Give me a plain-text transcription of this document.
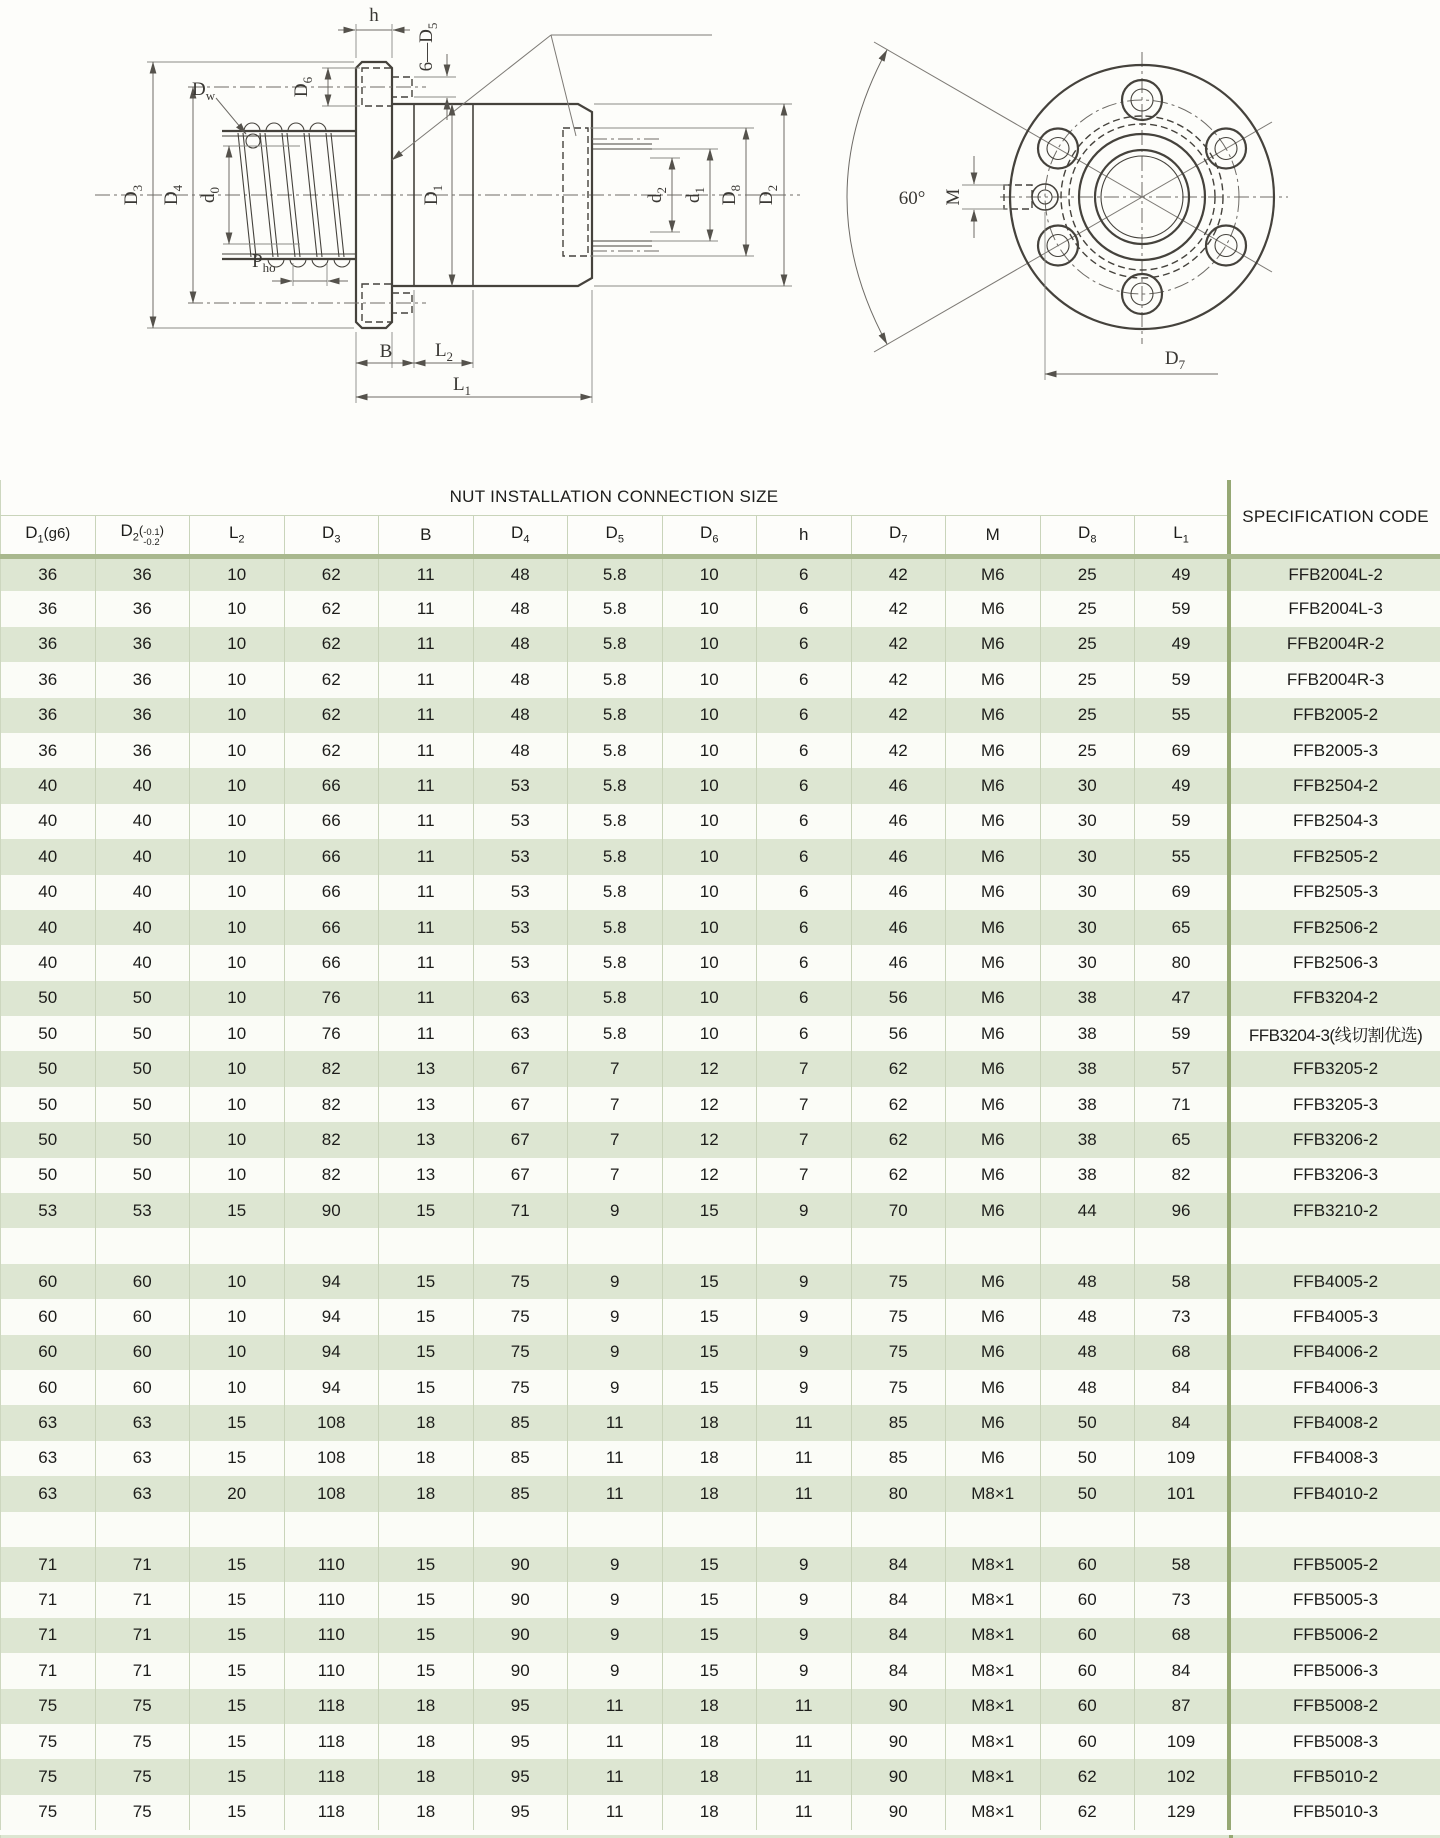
$D_3$
$D_4$
$d_0$
$D_w$
$P_{ho}$
h
$6—D_5$
$D_6$
$D_1$
$d_2$
$d_1$
$D_8$
$D_2$
B $L_2$
$L_1$
M
60°
$D_7$
NUT INSTALLATION CONNECTION SIZE													SPECIFICATION CODE
$D_1(g6)$	$D_2$( -0.1
-0.2
)	$L_2$	$D_3$	B	$D_4$	$D_5$	$D_6$	h	$D_7$	M	$D_8$	$L_1$
36	36	10	62	11	48	5.8	10	6	42	M6	25	49	FFB2004L-2
36	36	10	62	11	48	5.8	10	6	42	M6	25	59	FFB2004L-3
36	36	10	62	11	48	5.8	10	6	42	M6	25	49	FFB2004R-2
36	36	10	62	11	48	5.8	10	6	42	M6	25	59	FFB2004R-3
36	36	10	62	11	48	5.8	10	6	42	M6	25	55	FFB2005-2
36	36	10	62	11	48	5.8	10	6	42	M6	25	69	FFB2005-3
40	40	10	66	11	53	5.8	10	6	46	M6	30	49	FFB2504-2
40	40	10	66	11	53	5.8	10	6	46	M6	30	59	FFB2504-3
40	40	10	66	11	53	5.8	10	6	46	M6	30	55	FFB2505-2
40	40	10	66	11	53	5.8	10	6	46	M6	30	69	FFB2505-3
40	40	10	66	11	53	5.8	10	6	46	M6	30	65	FFB2506-2
40	40	10	66	11	53	5.8	10	6	46	M6	30	80	FFB2506-3
50	50	10	76	11	63	5.8	10	6	56	M6	38	47	FFB3204-2
50	50	10	76	11	63	5.8	10	6	56	M6	38	59	FFB3204-3(线切割优选)
50	50	10	82	13	67	7	12	7	62	M6	38	57	FFB3205-2
50	50	10	82	13	67	7	12	7	62	M6	38	71	FFB3205-3
50	50	10	82	13	67	7	12	7	62	M6	38	65	FFB3206-2
50	50	10	82	13	67	7	12	7	62	M6	38	82	FFB3206-3
53	53	15	90	15	71	9	15	9	70	M6	44	96	FFB3210-2

60	60	10	94	15	75	9	15	9	75	M6	48	58	FFB4005-2
60	60	10	94	15	75	9	15	9	75	M6	48	73	FFB4005-3
60	60	10	94	15	75	9	15	9	75	M6	48	68	FFB4006-2
60	60	10	94	15	75	9	15	9	75	M6	48	84	FFB4006-3
63	63	15	108	18	85	11	18	11	85	M6	50	84	FFB4008-2
63	63	15	108	18	85	11	18	11	85	M6	50	109	FFB4008-3
63	63	20	108	18	85	11	18	11	80	M8×1	50	101	FFB4010-2

71	71	15	110	15	90	9	15	9	84	M8×1	60	58	FFB5005-2
71	71	15	110	15	90	9	15	9	84	M8×1	60	73	FFB5005-3
71	71	15	110	15	90	9	15	9	84	M8×1	60	68	FFB5006-2
71	71	15	110	15	90	9	15	9	84	M8×1	60	84	FFB5006-3
75	75	15	118	18	95	11	18	11	90	M8×1	60	87	FFB5008-2
75	75	15	118	18	95	11	18	11	90	M8×1	60	109	FFB5008-3
75	75	15	118	18	95	11	18	11	90	M8×1	62	102	FFB5010-2
75	75	15	118	18	95	11	18	11	90	M8×1	62	129	FFB5010-3
